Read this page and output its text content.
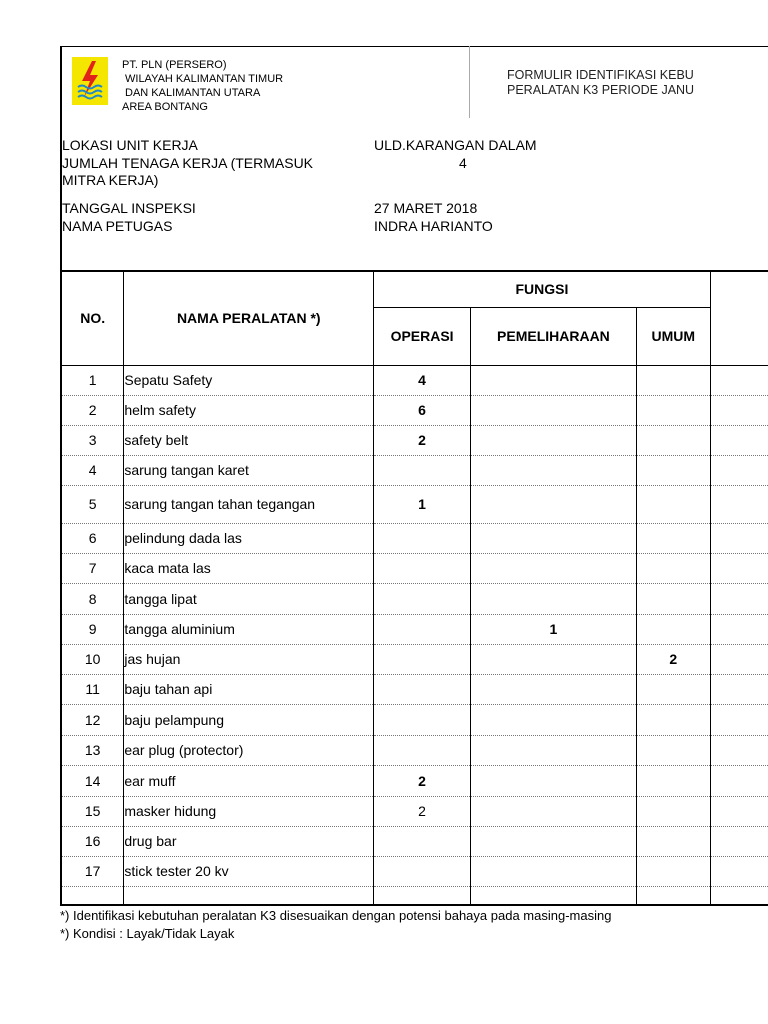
PT. PLN (PERSERO)
WILAYAH KALIMANTAN TIMUR
DAN KALIMANTAN UTARA
AREA BONTANG
FORMULIR IDENTIFIKASI KEBU
PERALATAN K3 PERIODE JANU
LOKASI UNIT KERJA	ULD.KARANGAN DALAM
JUMLAH TENAGA KERJA (TERMASUK
MITRA KERJA)
4
TANGGAL INSPEKSI	27 MARET 2018
NAMA PETUGAS	INDRA HARIANTO
NO.	NAMA PERALATAN *)	FUNGSI			
		OPERASI	PEMELIHARAAN	UMUM	
1	Sepatu Safety	4			
2	helm safety	6			
3	safety belt	2			
4	sarung tangan karet				
5	sarung tangan tahan tegangan	1			
6	pelindung dada las				
7	kaca mata las				
8	tangga lipat				
9	tangga aluminium		1		
10	jas hujan			2	
11	baju tahan api				
12	baju pelampung				
13	ear plug (protector)				
14	ear muff	2			
15	masker hidung	2			
16	drug bar				
17	stick tester 20 kv				

*) Identifikasi kebutuhan peralatan K3 disesuaikan dengan potensi bahaya pada masing-masing
*) Kondisi : Layak/Tidak Layak
